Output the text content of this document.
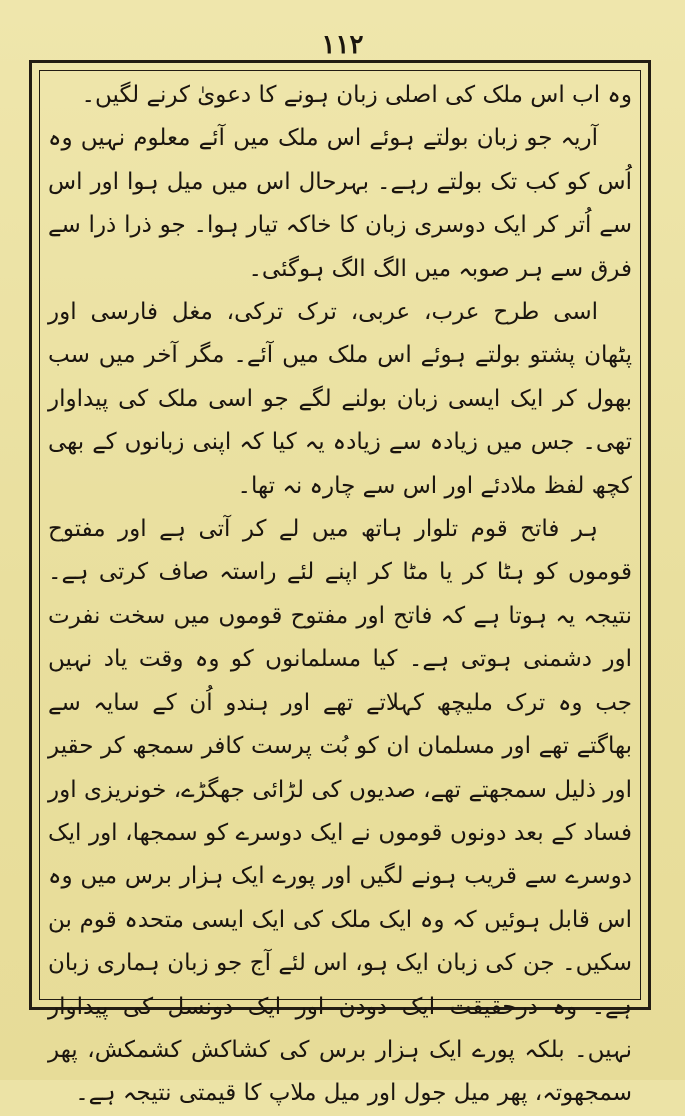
١١٢

وہ اب اس ملک کی اصلی زبان ہونے کا دعویٰ کرنے لگیں۔

آریہ جو زبان بولتے ہوئے اس ملک میں آئے معلوم نہیں وہ اُس کو کب تک بولتے رہے۔ بہرحال اس میں میل ہوا اور اس سے اُتر کر ایک دوسری زبان کا خاکہ تیار ہوا۔ جو ذرا ذرا سے فرق سے ہر صوبہ میں الگ الگ ہوگئی۔

اسی طرح عرب، عربی، ترک ترکی، مغل فارسی اور پٹھان پشتو بولتے ہوئے اس ملک میں آئے۔ مگر آخر میں سب بھول کر ایک ایسی زبان بولنے لگے جو اسی ملک کی پیداوار تھی۔ جس میں زیادہ سے زیادہ یہ کیا کہ اپنی زبانوں کے بھی کچھ لفظ ملادئے اور اس سے چارہ نہ تھا۔

ہر فاتح قوم تلوار ہاتھ میں لے کر آتی ہے اور مفتوح قوموں کو ہٹا کر یا مٹا کر اپنے لئے راستہ صاف کرتی ہے۔ نتیجہ یہ ہوتا ہے کہ فاتح اور مفتوح قوموں میں سخت نفرت اور دشمنی ہوتی ہے۔ کیا مسلمانوں کو وہ وقت یاد نہیں جب وہ ترک ملیچھ کہلاتے تھے اور ہندو اُن کے سایہ سے بھاگتے تھے اور مسلمان ان کو بُت پرست کافر سمجھ کر حقیر اور ذلیل سمجھتے تھے، صدیوں کی لڑائی جھگڑے، خونریزی اور فساد کے بعد دونوں قوموں نے ایک دوسرے کو سمجھا، اور ایک دوسرے سے قریب ہونے لگیں اور پورے ایک ہزار برس میں وہ اس قابل ہوئیں کہ وہ ایک ملک کی ایک ایسی متحدہ قوم بن سکیں۔ جن کی زبان ایک ہو، اس لئے آج جو زبان ہماری زبان ہے۔ وہ درحقیقت ایک دودن اور ایک دونسل کی پیداوار نہیں۔ بلکہ پورے ایک ہزار برس کی کشاکش کشمکش، پھر سمجھوتہ، پھر میل جول اور میل ملاپ کا قیمتی نتیجہ ہے۔
